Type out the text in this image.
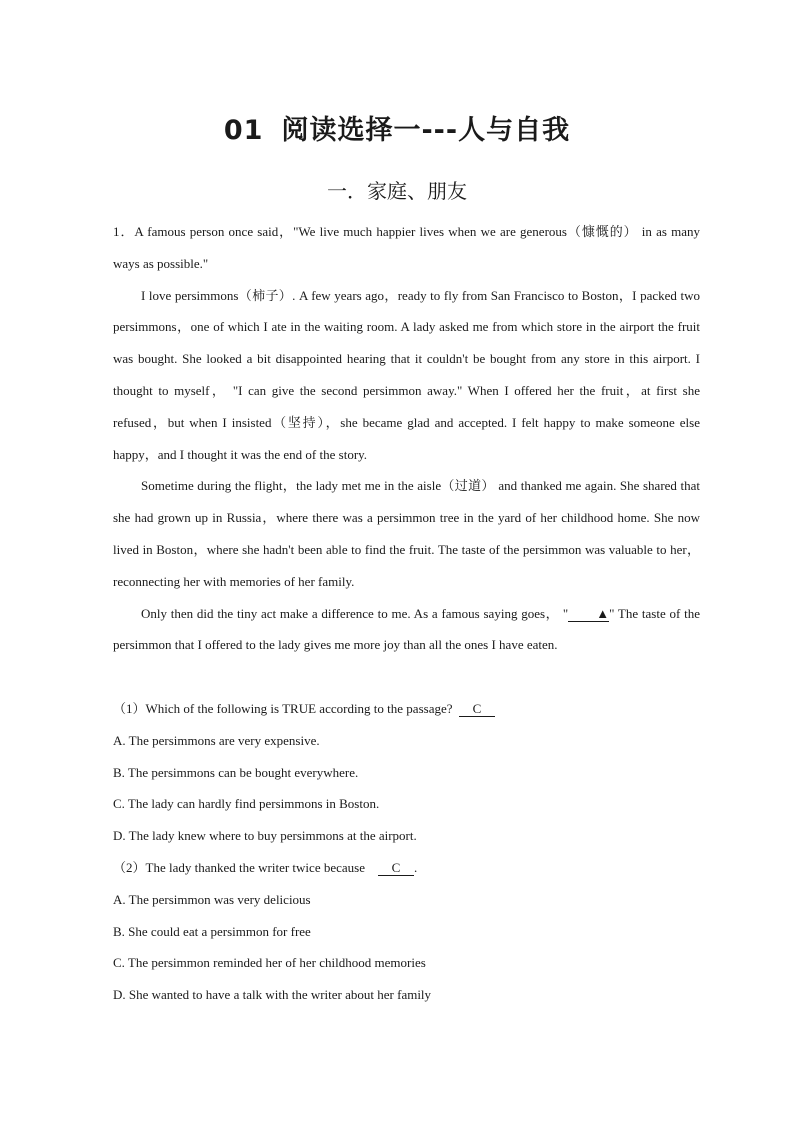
01 阅读选择一---人与自我
一．家庭、朋友

1．A famous person once said，"We live much happier lives when we are generous（慷慨的） in as many ways as possible."

I love persimmons（柿子）. A few years ago，ready to fly from San Francisco to Boston，I packed two persimmons，one of which I ate in the waiting room. A lady asked me from which store in the airport the fruit was bought. She looked a bit disappointed hearing that it couldn't be bought from any store in this airport. I thought to myself， "I can give the second persimmon away." When I offered her the fruit，at first she refused，but when I insisted（坚持），she became glad and accepted. I felt happy to make someone else happy，and I thought it was the end of the story.

Sometime during the flight，the lady met me in the aisle（过道） and thanked me again. She shared that she had grown up in Russia，where there was a persimmon tree in the yard of her childhood home. She now lived in Boston，where she hadn't been able to find the fruit. The taste of the persimmon was valuable to her，reconnecting her with memories of her family.

Only then did the tiny act make a difference to me. As a famous saying goes， " ▲" The taste of the persimmon that I offered to the lady gives me more joy than all the ones I have eaten.

（1）Which of the following is TRUE according to the passage? C
A. The persimmons are very expensive.
B. The persimmons can be bought everywhere.
C. The lady can hardly find persimmons in Boston.
D. The lady knew where to buy persimmons at the airport.
（2）The lady thanked the writer twice because C .
A. The persimmon was very delicious
B. She could eat a persimmon for free
C. The persimmon reminded her of her childhood memories
D. She wanted to have a talk with the writer about her family
